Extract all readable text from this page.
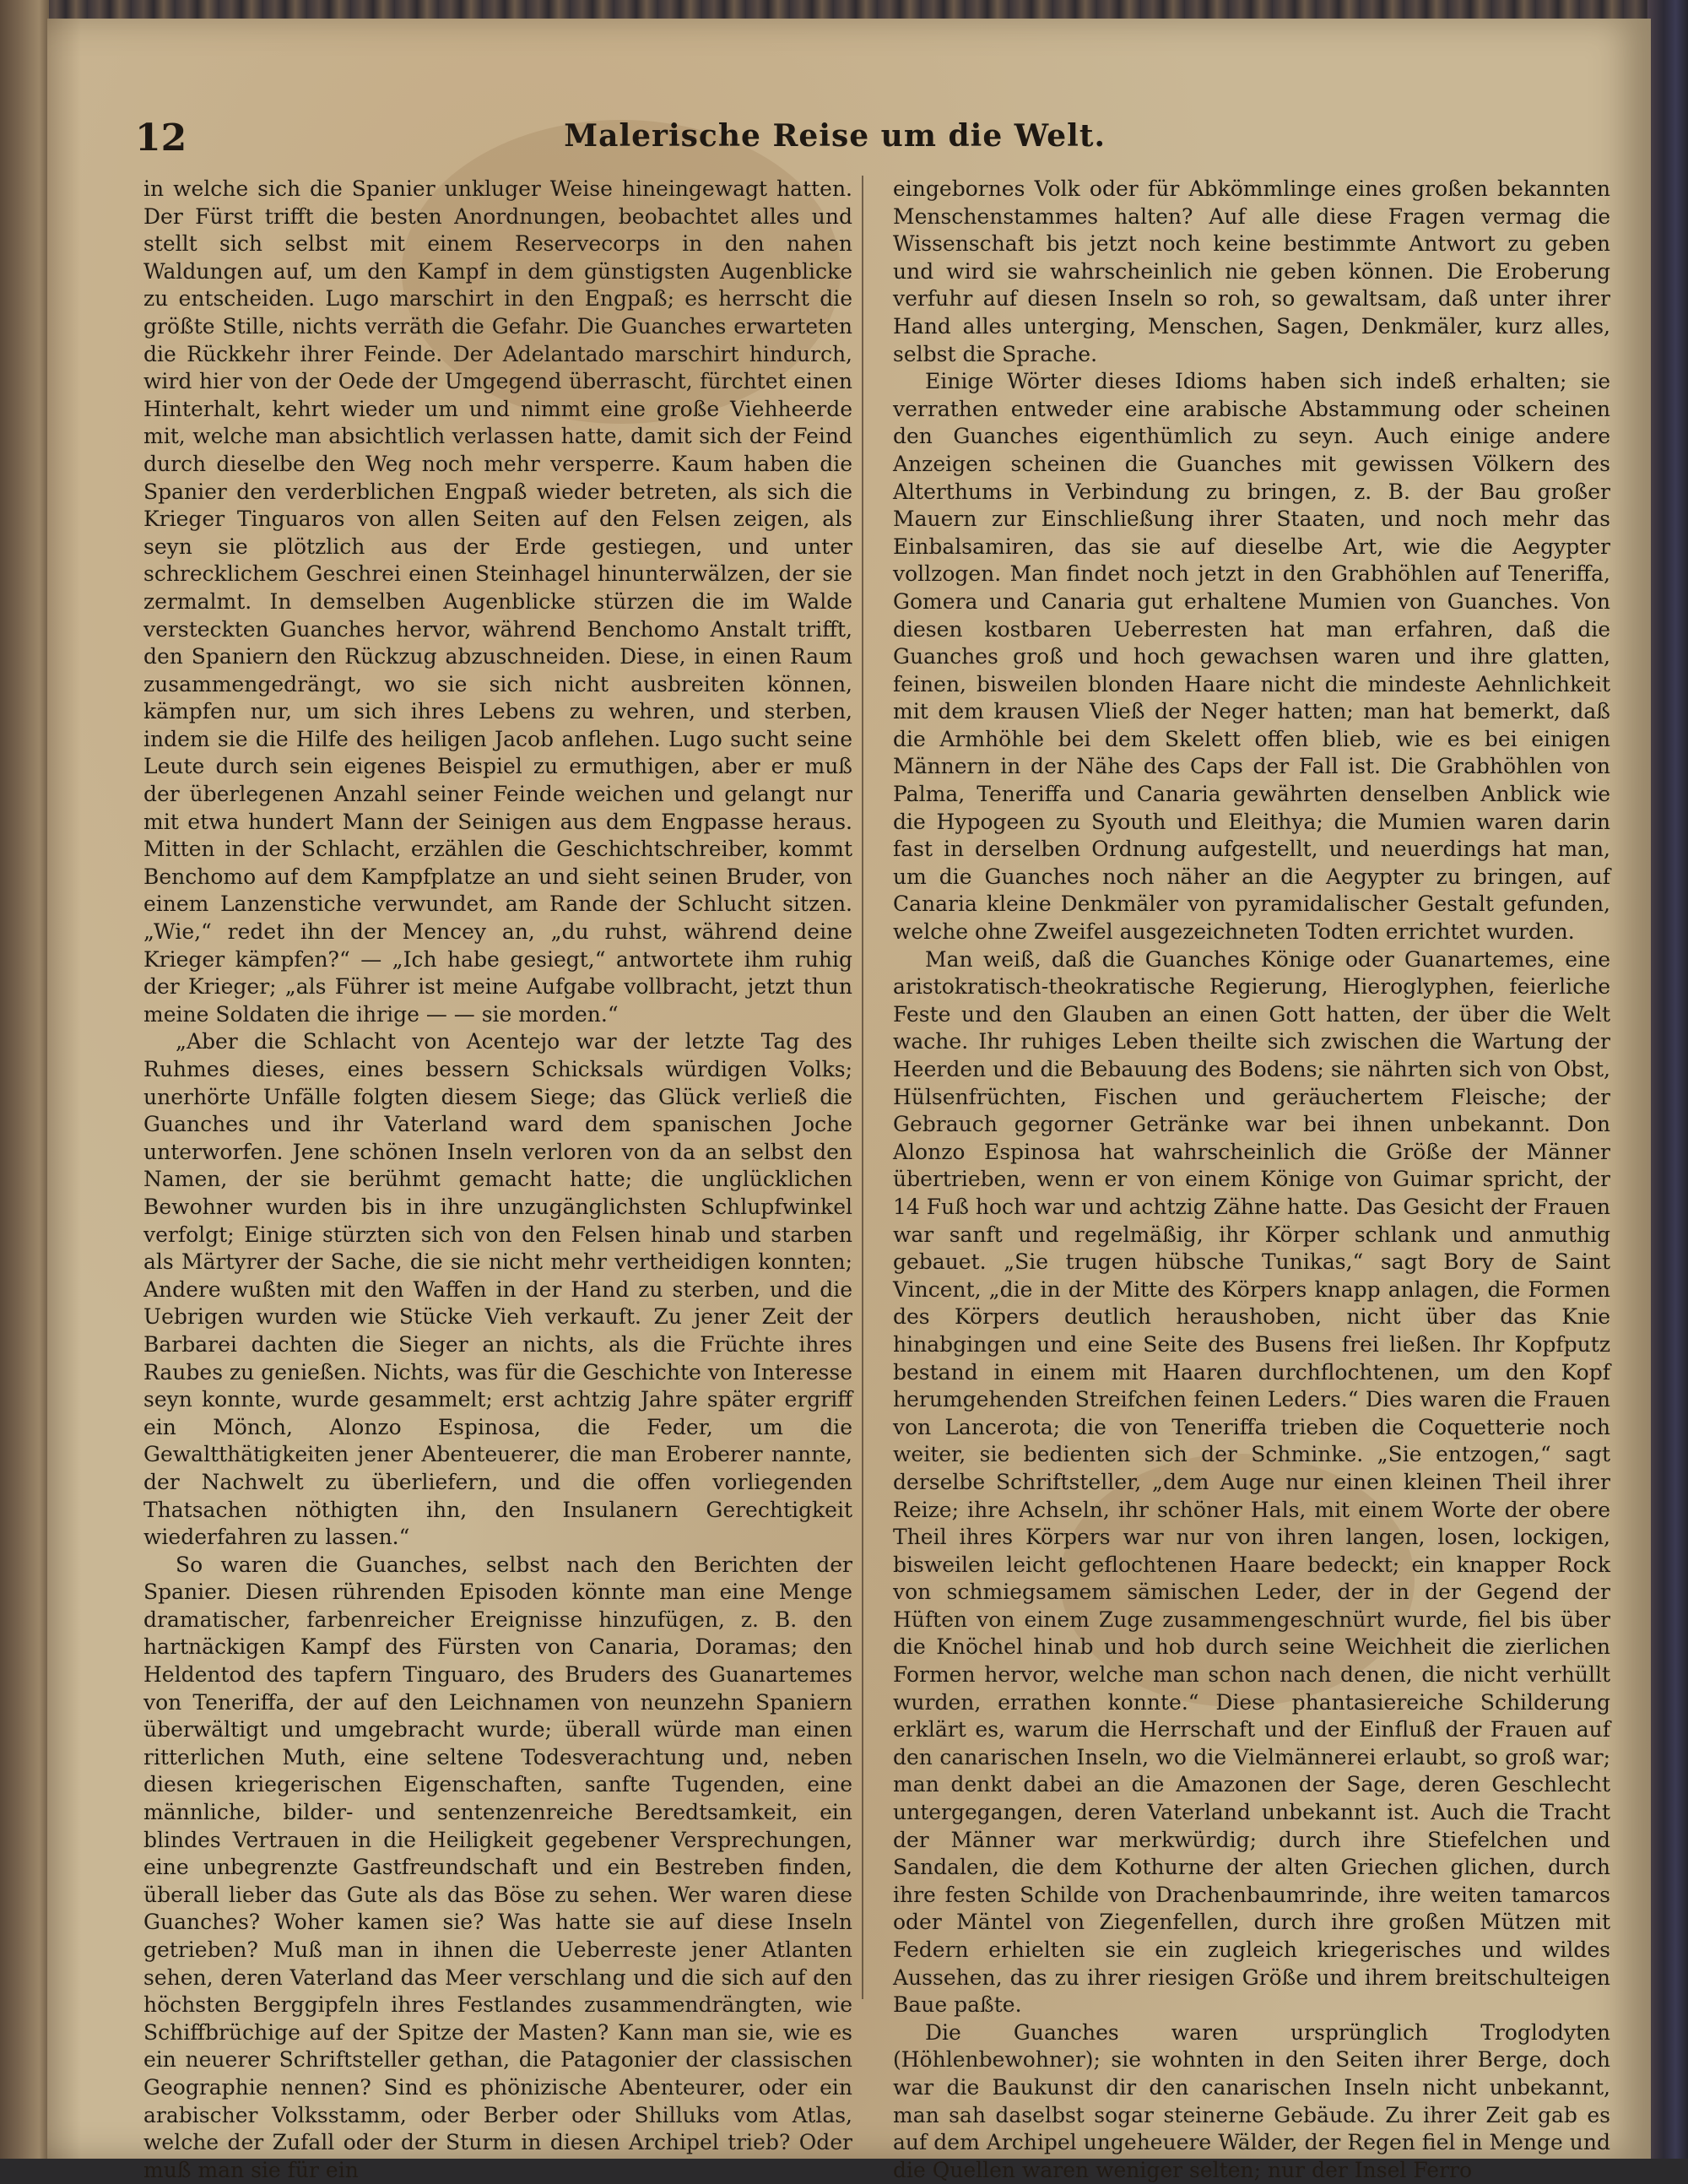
12	Malerische Reise um die Welt.

in welche sich die Spanier unkluger Weise hineingewagt hatten. Der Fürst trifft die besten Anordnungen, beobachtet alles und stellt sich selbst mit einem Reservecorps in den nahen Waldungen auf, um den Kampf in dem günstigsten Augenblicke zu entscheiden. Lugo marschirt in den Engpaß; es herrscht die größte Stille, nichts verräth die Gefahr. Die Guanches erwarteten die Rückkehr ihrer Feinde. Der Adelantado marschirt hindurch, wird hier von der Oede der Umgegend überrascht, fürchtet einen Hinterhalt, kehrt wieder um und nimmt eine große Viehheerde mit, welche man absichtlich verlassen hatte, damit sich der Feind durch dieselbe den Weg noch mehr versperre. Kaum haben die Spanier den verderblichen Engpaß wieder betreten, als sich die Krieger Tinguaros von allen Seiten auf den Felsen zeigen, als seyn sie plötzlich aus der Erde gestiegen, und unter schrecklichem Geschrei einen Steinhagel hinunterwälzen, der sie zermalmt. In demselben Augenblicke stürzen die im Walde versteckten Guanches hervor, während Benchomo Anstalt trifft, den Spaniern den Rückzug abzuschneiden. Diese, in einen Raum zusammengedrängt, wo sie sich nicht ausbreiten können, kämpfen nur, um sich ihres Lebens zu wehren, und sterben, indem sie die Hilfe des heiligen Jacob anflehen. Lugo sucht seine Leute durch sein eigenes Beispiel zu ermuthigen, aber er muß der überlegenen Anzahl seiner Feinde weichen und gelangt nur mit etwa hundert Mann der Seinigen aus dem Engpasse heraus. Mitten in der Schlacht, erzählen die Geschichtschreiber, kommt Benchomo auf dem Kampfplatze an und sieht seinen Bruder, von einem Lanzenstiche verwundet, am Rande der Schlucht sitzen. „Wie,“ redet ihn der Mencey an, „du ruhst, während deine Krieger kämpfen?“ — „Ich habe gesiegt,“ antwortete ihm ruhig der Krieger; „als Führer ist meine Aufgabe vollbracht, jetzt thun meine Soldaten die ihrige — — sie morden.“

„Aber die Schlacht von Acentejo war der letzte Tag des Ruhmes dieses, eines bessern Schicksals würdigen Volks; unerhörte Unfälle folgten diesem Siege; das Glück verließ die Guanches und ihr Vaterland ward dem spanischen Joche unterworfen. Jene schönen Inseln verloren von da an selbst den Namen, der sie berühmt gemacht hatte; die unglücklichen Bewohner wurden bis in ihre unzugänglichsten Schlupfwinkel verfolgt; Einige stürzten sich von den Felsen hinab und starben als Märtyrer der Sache, die sie nicht mehr vertheidigen konnten; Andere wußten mit den Waffen in der Hand zu sterben, und die Uebrigen wurden wie Stücke Vieh verkauft. Zu jener Zeit der Barbarei dachten die Sieger an nichts, als die Früchte ihres Raubes zu genießen. Nichts, was für die Geschichte von Interesse seyn konnte, wurde gesammelt; erst achtzig Jahre später ergriff ein Mönch, Alonzo Espinosa, die Feder, um die Gewaltthätigkeiten jener Abenteuerer, die man Eroberer nannte, der Nachwelt zu überliefern, und die offen vorliegenden Thatsachen nöthigten ihn, den Insulanern Gerechtigkeit wiederfahren zu lassen.“

So waren die Guanches, selbst nach den Berichten der Spanier. Diesen rührenden Episoden könnte man eine Menge dramatischer, farbenreicher Ereignisse hinzufügen, z. B. den hartnäckigen Kampf des Fürsten von Canaria, Doramas; den Heldentod des tapfern Tinguaro, des Bruders des Guanartemes von Teneriffa, der auf den Leichnamen von neunzehn Spaniern überwältigt und umgebracht wurde; überall würde man einen ritterlichen Muth, eine seltene Todesverachtung und, neben diesen kriegerischen Eigenschaften, sanfte Tugenden, eine männliche, bilder- und sentenzenreiche Beredtsamkeit, ein blindes Vertrauen in die Heiligkeit gegebener Versprechungen, eine unbegrenzte Gastfreundschaft und ein Bestreben finden, überall lieber das Gute als das Böse zu sehen. Wer waren diese Guanches? Woher kamen sie? Was hatte sie auf diese Inseln getrieben? Muß man in ihnen die Ueberreste jener Atlanten sehen, deren Vaterland das Meer verschlang und die sich auf den höchsten Berggipfeln ihres Festlandes zusammendrängten, wie Schiffbrüchige auf der Spitze der Masten? Kann man sie, wie es ein neuerer Schriftsteller gethan, die Patagonier der classischen Geographie nennen? Sind es phönizische Abenteurer, oder ein arabischer Volksstamm, oder Berber oder Shilluks vom Atlas, welche der Zufall oder der Sturm in diesen Archipel trieb? Oder muß man sie für ein

eingebornes Volk oder für Abkömmlinge eines großen bekannten Menschenstammes halten? Auf alle diese Fragen vermag die Wissenschaft bis jetzt noch keine bestimmte Antwort zu geben und wird sie wahrscheinlich nie geben können. Die Eroberung verfuhr auf diesen Inseln so roh, so gewaltsam, daß unter ihrer Hand alles unterging, Menschen, Sagen, Denkmäler, kurz alles, selbst die Sprache.

Einige Wörter dieses Idioms haben sich indeß erhalten; sie verrathen entweder eine arabische Abstammung oder scheinen den Guanches eigenthümlich zu seyn. Auch einige andere Anzeigen scheinen die Guanches mit gewissen Völkern des Alterthums in Verbindung zu bringen, z. B. der Bau großer Mauern zur Einschließung ihrer Staaten, und noch mehr das Einbalsamiren, das sie auf dieselbe Art, wie die Aegypter vollzogen. Man findet noch jetzt in den Grabhöhlen auf Teneriffa, Gomera und Canaria gut erhaltene Mumien von Guanches. Von diesen kostbaren Ueberresten hat man erfahren, daß die Guanches groß und hoch gewachsen waren und ihre glatten, feinen, bisweilen blonden Haare nicht die mindeste Aehnlichkeit mit dem krausen Vließ der Neger hatten; man hat bemerkt, daß die Armhöhle bei dem Skelett offen blieb, wie es bei einigen Männern in der Nähe des Caps der Fall ist. Die Grabhöhlen von Palma, Teneriffa und Canaria gewährten denselben Anblick wie die Hypogeen zu Syouth und Eleithya; die Mumien waren darin fast in derselben Ordnung aufgestellt, und neuerdings hat man, um die Guanches noch näher an die Aegypter zu bringen, auf Canaria kleine Denkmäler von pyramidalischer Gestalt gefunden, welche ohne Zweifel ausgezeichneten Todten errichtet wurden.

Man weiß, daß die Guanches Könige oder Guanartemes, eine aristokratisch-theokratische Regierung, Hieroglyphen, feierliche Feste und den Glauben an einen Gott hatten, der über die Welt wache. Ihr ruhiges Leben theilte sich zwischen die Wartung der Heerden und die Bebauung des Bodens; sie nährten sich von Obst, Hülsenfrüchten, Fischen und geräuchertem Fleische; der Gebrauch gegorner Getränke war bei ihnen unbekannt. Don Alonzo Espinosa hat wahrscheinlich die Größe der Männer übertrieben, wenn er von einem Könige von Guimar spricht, der 14 Fuß hoch war und achtzig Zähne hatte. Das Gesicht der Frauen war sanft und regelmäßig, ihr Körper schlank und anmuthig gebauet. „Sie trugen hübsche Tunikas,“ sagt Bory de Saint Vincent, „die in der Mitte des Körpers knapp anlagen, die Formen des Körpers deutlich heraushoben, nicht über das Knie hinabgingen und eine Seite des Busens frei ließen. Ihr Kopfputz bestand in einem mit Haaren durchflochtenen, um den Kopf herumgehenden Streifchen feinen Leders.“ Dies waren die Frauen von Lancerota; die von Teneriffa trieben die Coquetterie noch weiter, sie bedienten sich der Schminke. „Sie entzogen,“ sagt derselbe Schriftsteller, „dem Auge nur einen kleinen Theil ihrer Reize; ihre Achseln, ihr schöner Hals, mit einem Worte der obere Theil ihres Körpers war nur von ihren langen, losen, lockigen, bisweilen leicht geflochtenen Haare bedeckt; ein knapper Rock von schmiegsamem sämischen Leder, der in der Gegend der Hüften von einem Zuge zusammengeschnürt wurde, fiel bis über die Knöchel hinab und hob durch seine Weichheit die zierlichen Formen hervor, welche man schon nach denen, die nicht verhüllt wurden, errathen konnte.“ Diese phantasiereiche Schilderung erklärt es, warum die Herrschaft und der Einfluß der Frauen auf den canarischen Inseln, wo die Vielmännerei erlaubt, so groß war; man denkt dabei an die Amazonen der Sage, deren Geschlecht untergegangen, deren Vaterland unbekannt ist. Auch die Tracht der Männer war merkwürdig; durch ihre Stiefelchen und Sandalen, die dem Kothurne der alten Griechen glichen, durch ihre festen Schilde von Drachenbaumrinde, ihre weiten tamarcos oder Mäntel von Ziegenfellen, durch ihre großen Mützen mit Federn erhielten sie ein zugleich kriegerisches und wildes Aussehen, das zu ihrer riesigen Größe und ihrem breitschulteigen Baue paßte.

Die Guanches waren ursprünglich Troglodyten (Höhlenbewohner); sie wohnten in den Seiten ihrer Berge, doch war die Baukunst dir den canarischen Inseln nicht unbekannt, man sah daselbst sogar steinerne Gebäude. Zu ihrer Zeit gab es auf dem Archipel ungeheuere Wälder, der Regen fiel in Menge und die Quellen waren weniger selten; nur der Insel Ferro
